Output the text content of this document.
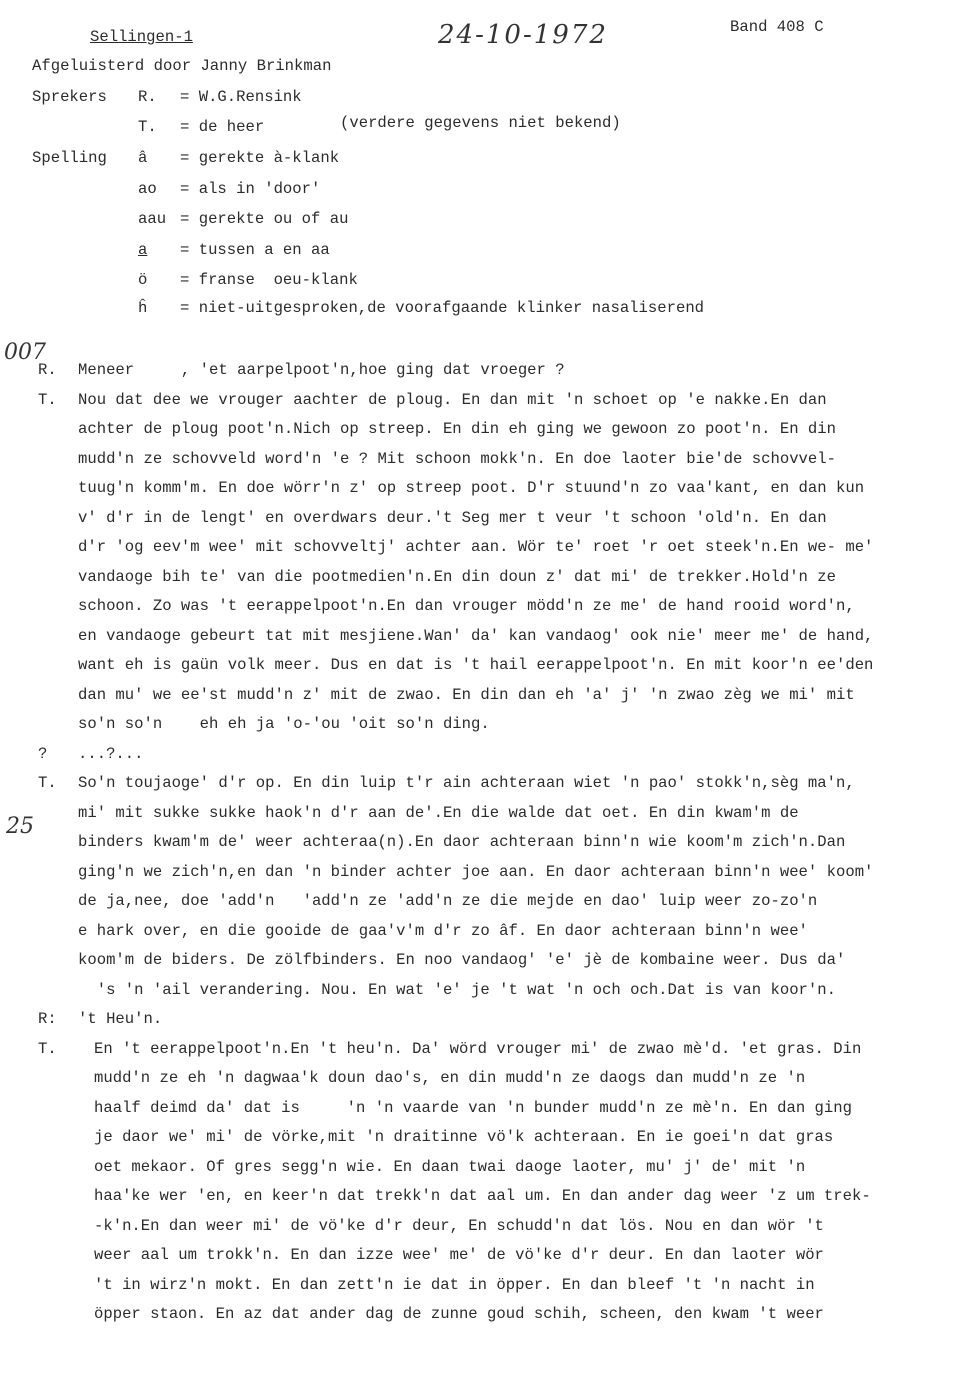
Sellingen-1	24-10-1972	Band 408 C
Afgeluisterd door Janny Brinkman
Sprekers R. = W.G.Rensink
T. = de heer	(verdere gegevens niet bekend)
Spelling â = gerekte à-klank
ao = als in 'door'
aau = gerekte ou of au
a = tussen a en aa
ö = franse  oeu-klank
ĥ = niet-uitgesproken,de voorafgaande klinker nasaliserend
007
25
R. Meneer     , 'et aarpelpoot'n,hoe ging dat vroeger ?
T. Nou dat dee we vrouger aachter de ploug. En dan mit 'n schoet op 'e nakke.En dan
achter de ploug poot'n.Nich op streep. En din eh ging we gewoon zo poot'n. En din
mudd'n ze schovveld word'n 'e ? Mit schoon mokk'n. En doe laoter bie'de schovvel-
tuug'n komm'm. En doe wörr'n z' op streep poot. D'r stuund'n zo vaa'kant, en dan kun
v' d'r in de lengt' en overdwars deur.'t Seg mer t veur 't schoon 'old'n. En dan
d'r 'og eev'm wee' mit schovveltj' achter aan. Wör te' roet 'r oet steek'n.En we- me'
vandaoge bih te' van die pootmedien'n.En din doun z' dat mi' de trekker.Hold'n ze
schoon. Zo was 't eerappelpoot'n.En dan vrouger mödd'n ze me' de hand rooid word'n,
en vandaoge gebeurt tat mit mesjiene.Wan' da' kan vandaog' ook nie' meer me' de hand,
want eh is gaün volk meer. Dus en dat is 't hail eerappelpoot'n. En mit koor'n ee'den
dan mu' we ee'st mudd'n z' mit de zwao. En din dan eh 'a' j' 'n zwao zèg we mi' mit
so'n so'n    eh eh ja 'o-'ou 'oit so'n ding.
? ...?...
T. So'n toujaoge' d'r op. En din luip t'r ain achteraan wiet 'n pao' stokk'n,sèg ma'n,
mi' mit sukke sukke haok'n d'r aan de'.En die walde dat oet. En din kwam'm de
binders kwam'm de' weer achteraa(n).En daor achteraan binn'n wie koom'm zich'n.Dan
ging'n we zich'n,en dan 'n binder achter joe aan. En daor achteraan binn'n wee' koom'
de ja,nee, doe 'add'n   'add'n ze 'add'n ze die mejde en dao' luip weer zo-zo'n
e hark over, en die gooide de gaa'v'm d'r zo âf. En daor achteraan binn'n wee'
koom'm de biders. De zölfbinders. En noo vandaog' 'e' jè de kombaine weer. Dus da'
's 'n 'ail verandering. Nou. En wat 'e' je 't wat 'n och och.Dat is van koor'n.
R: 't Heu'n.
T. En 't eerappelpoot'n.En 't heu'n. Da' wörd vrouger mi' de zwao mè'd. 'et gras. Din
mudd'n ze eh 'n dagwaa'k doun dao's, en din mudd'n ze daogs dan mudd'n ze 'n
haalf deimd da' dat is     'n 'n vaarde van 'n bunder mudd'n ze mè'n. En dan ging
je daor we' mi' de vörke,mit 'n draitinne vö'k achteraan. En ie goei'n dat gras
oet mekaor. Of gres segg'n wie. En daan twai daoge laoter, mu' j' de' mit 'n
haa'ke wer 'en, en keer'n dat trekk'n dat aal um. En dan ander dag weer 'z um trek-
-k'n.En dan weer mi' de vö'ke d'r deur, En schudd'n dat lös. Nou en dan wör 't
weer aal um trokk'n. En dan izze wee' me' de vö'ke d'r deur. En dan laoter wör
't in wirz'n mokt. En dan zett'n ie dat in öpper. En dan bleef 't 'n nacht in
öpper staon. En az dat ander dag de zunne goud schih, scheen, den kwam 't weer
